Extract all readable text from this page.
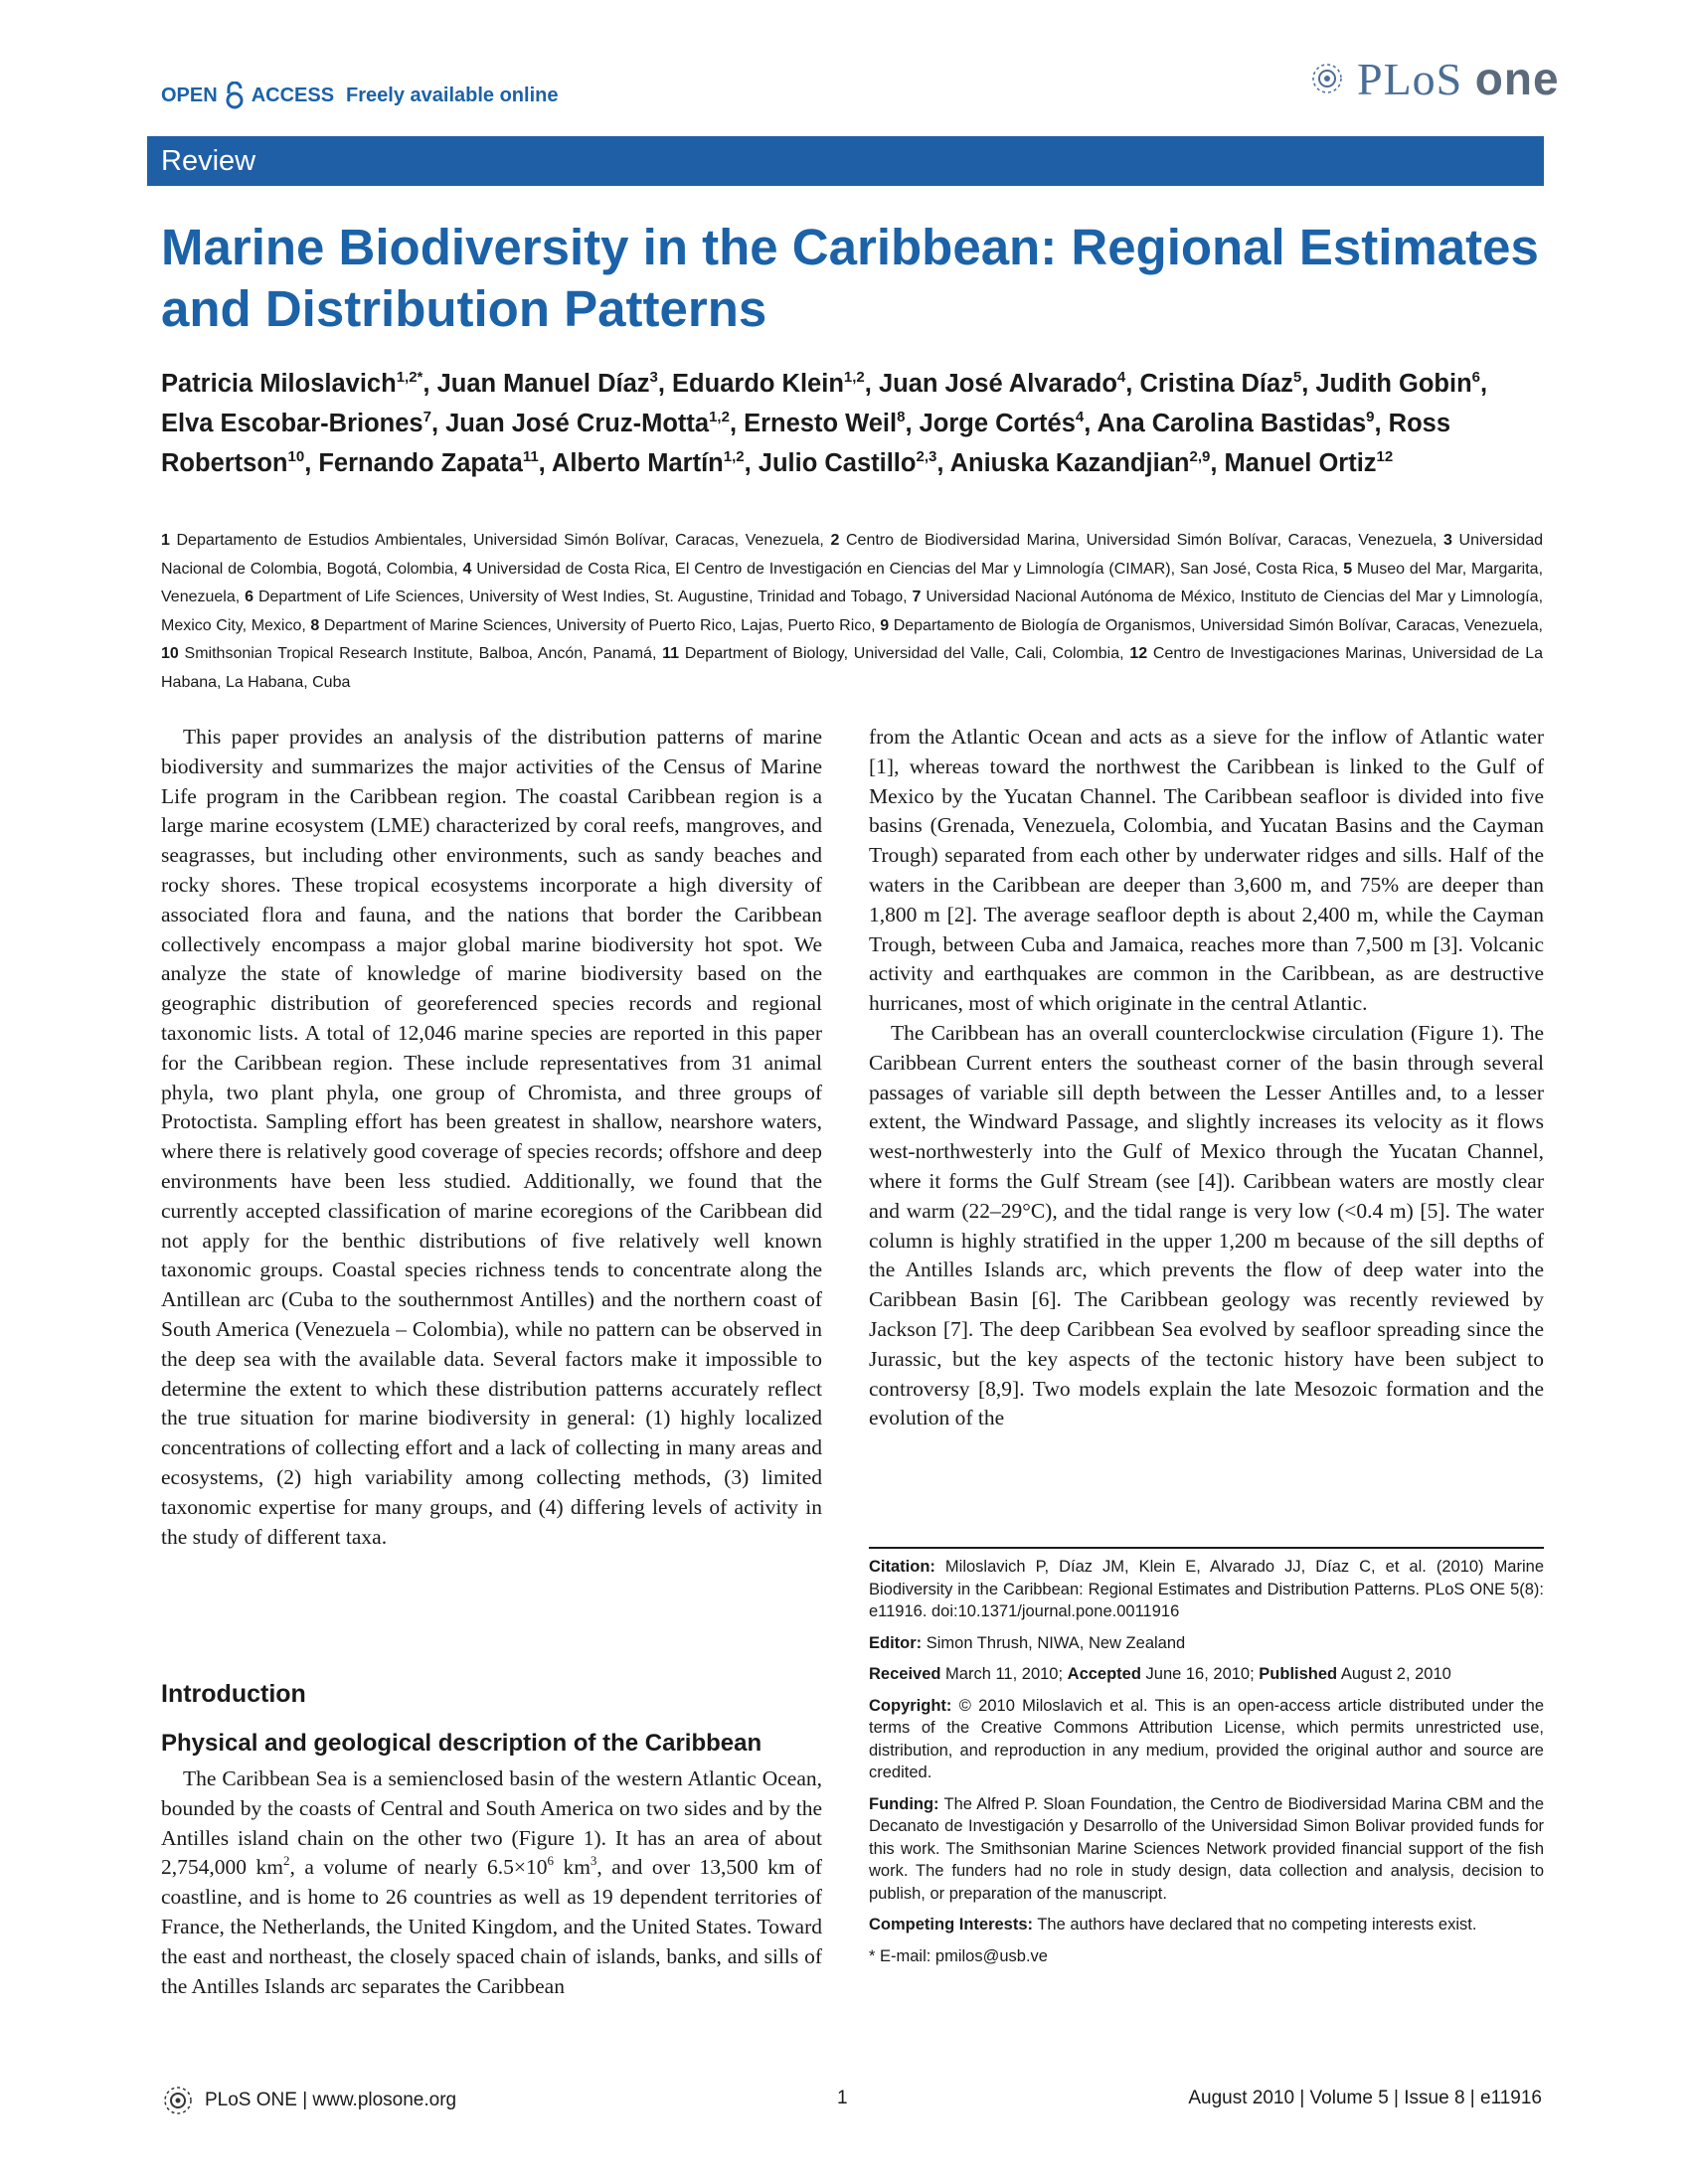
OPEN ACCESS Freely available online	PLoS one
Review
Marine Biodiversity in the Caribbean: Regional Estimates and Distribution Patterns
Patricia Miloslavich$^{1,2*}$, Juan Manuel Díaz$^3$, Eduardo Klein$^{1,2}$, Juan José Alvarado$^4$, Cristina Díaz$^5$, Judith Gobin$^6$, Elva Escobar-Briones$^7$, Juan José Cruz-Motta$^{1,2}$, Ernesto Weil$^8$, Jorge Cortés$^4$, Ana Carolina Bastidas$^9$, Ross Robertson$^{10}$, Fernando Zapata$^{11}$, Alberto Martín$^{1,2}$, Julio Castillo$^{2,3}$, Aniuska Kazandjian$^{2,9}$, Manuel Ortiz$^{12}$
1 Departamento de Estudios Ambientales, Universidad Simón Bolívar, Caracas, Venezuela, 2 Centro de Biodiversidad Marina, Universidad Simón Bolívar, Caracas, Venezuela, 3 Universidad Nacional de Colombia, Bogotá, Colombia, 4 Universidad de Costa Rica, El Centro de Investigación en Ciencias del Mar y Limnología (CIMAR), San José, Costa Rica, 5 Museo del Mar, Margarita, Venezuela, 6 Department of Life Sciences, University of West Indies, St. Augustine, Trinidad and Tobago, 7 Universidad Nacional Autónoma de México, Instituto de Ciencias del Mar y Limnología, Mexico City, Mexico, 8 Department of Marine Sciences, University of Puerto Rico, Lajas, Puerto Rico, 9 Departamento de Biología de Organismos, Universidad Simón Bolívar, Caracas, Venezuela, 10 Smithsonian Tropical Research Institute, Balboa, Ancón, Panamá, 11 Department of Biology, Universidad del Valle, Cali, Colombia, 12 Centro de Investigaciones Marinas, Universidad de La Habana, La Habana, Cuba

This paper provides an analysis of the distribution patterns of marine biodiversity and summarizes the major activities of the Census of Marine Life program in the Caribbean region. The coastal Caribbean region is a large marine ecosystem (LME) characterized by coral reefs, mangroves, and seagrasses, but including other environments, such as sandy beaches and rocky shores. These tropical ecosystems incorporate a high diversity of associated flora and fauna, and the nations that border the Caribbean collectively encompass a major global marine biodiversity hot spot. We analyze the state of knowledge of marine biodiversity based on the geographic distribution of georeferenced species records and regional taxonomic lists. A total of 12,046 marine species are reported in this paper for the Caribbean region. These include representatives from 31 animal phyla, two plant phyla, one group of Chromista, and three groups of Protoctista. Sampling effort has been greatest in shallow, nearshore waters, where there is relatively good coverage of species records; offshore and deep environments have been less studied. Additionally, we found that the currently accepted classification of marine ecoregions of the Caribbean did not apply for the benthic distributions of five relatively well known taxonomic groups. Coastal species richness tends to concentrate along the Antillean arc (Cuba to the southernmost Antilles) and the northern coast of South America (Venezuela – Colombia), while no pattern can be observed in the deep sea with the available data. Several factors make it impossible to determine the extent to which these distribution patterns accurately reflect the true situation for marine biodiversity in general: (1) highly localized concentrations of collecting effort and a lack of collecting in many areas and ecosystems, (2) high variability among collecting methods, (3) limited taxonomic expertise for many groups, and (4) differing levels of activity in the study of different taxa.

Introduction
Physical and geological description of the Caribbean

The Caribbean Sea is a semienclosed basin of the western Atlantic Ocean, bounded by the coasts of Central and South America on two sides and by the Antilles island chain on the other two (Figure 1). It has an area of about 2,754,000 $km^2$, a volume of nearly $6.5\times 10^6$ $km^3$, and over 13,500 km of coastline, and is home to 26 countries as well as 19 dependent territories of France, the Netherlands, the United Kingdom, and the United States. Toward the east and northeast, the closely spaced chain of islands, banks, and sills of the Antilles Islands arc separates the Caribbean

from the Atlantic Ocean and acts as a sieve for the inflow of Atlantic water [1], whereas toward the northwest the Caribbean is linked to the Gulf of Mexico by the Yucatan Channel. The Caribbean seafloor is divided into five basins (Grenada, Venezuela, Colombia, and Yucatan Basins and the Cayman Trough) separated from each other by underwater ridges and sills. Half of the waters in the Caribbean are deeper than 3,600 m, and 75% are deeper than 1,800 m [2]. The average seafloor depth is about 2,400 m, while the Cayman Trough, between Cuba and Jamaica, reaches more than 7,500 m [3]. Volcanic activity and earthquakes are common in the Caribbean, as are destructive hurricanes, most of which originate in the central Atlantic.

The Caribbean has an overall counterclockwise circulation (Figure 1). The Caribbean Current enters the southeast corner of the basin through several passages of variable sill depth between the Lesser Antilles and, to a lesser extent, the Windward Passage, and slightly increases its velocity as it flows west-northwesterly into the Gulf of Mexico through the Yucatan Channel, where it forms the Gulf Stream (see [4]). Caribbean waters are mostly clear and warm (22–29°C), and the tidal range is very low (<0.4 m) [5]. The water column is highly stratified in the upper 1,200 m because of the sill depths of the Antilles Islands arc, which prevents the flow of deep water into the Caribbean Basin [6]. The Caribbean geology was recently reviewed by Jackson [7]. The deep Caribbean Sea evolved by seafloor spreading since the Jurassic, but the key aspects of the tectonic history have been subject to controversy [8,9]. Two models explain the late Mesozoic formation and the evolution of the

Citation: Miloslavich P, Díaz JM, Klein E, Alvarado JJ, Díaz C, et al. (2010) Marine Biodiversity in the Caribbean: Regional Estimates and Distribution Patterns. PLoS ONE 5(8): e11916. doi:10.1371/journal.pone.0011916
Editor: Simon Thrush, NIWA, New Zealand
Received March 11, 2010; Accepted June 16, 2010; Published August 2, 2010
Copyright: © 2010 Miloslavich et al. This is an open-access article distributed under the terms of the Creative Commons Attribution License, which permits unrestricted use, distribution, and reproduction in any medium, provided the original author and source are credited.
Funding: The Alfred P. Sloan Foundation, the Centro de Biodiversidad Marina CBM and the Decanato de Investigación y Desarrollo of the Universidad Simon Bolivar provided funds for this work. The Smithsonian Marine Sciences Network provided financial support of the fish work. The funders had no role in study design, data collection and analysis, decision to publish, or preparation of the manuscript.
Competing Interests: The authors have declared that no competing interests exist.
* E-mail: pmilos@usb.ve
PLoS ONE | www.plosone.org	1	August 2010 | Volume 5 | Issue 8 | e11916
